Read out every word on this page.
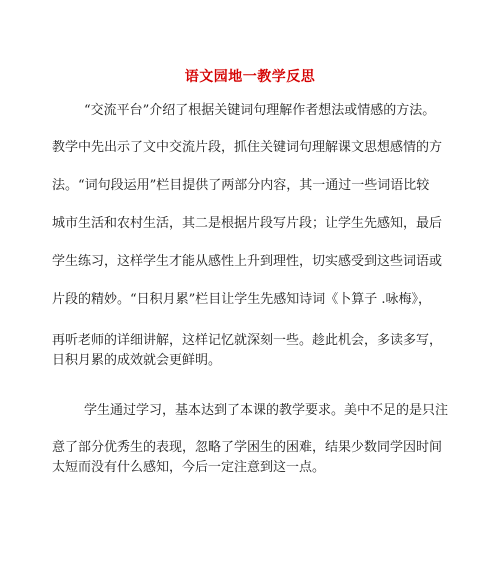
语文园地一教学反思
“交流平台”介绍了根据关键词句理解作者想法或情感的方法。
教学中先出示了文中交流片段，抓住关键词句理解课文思想感情的方
法。“词句段运用”栏目提供了两部分内容，其一通过一些词语比较
城市生活和农村生活，其二是根据片段写片段；让学生先感知，最后
学生练习，这样学生才能从感性上升到理性，切实感受到这些词语或
片段的精妙。“日积月累”栏目让学生先感知诗词《卜算子 .咏梅》，
再听老师的详细讲解，这样记忆就深刻一些。趁此机会，多读多写，
日积月累的成效就会更鲜明。
学生通过学习，基本达到了本课的教学要求。美中不足的是只注
意了部分优秀生的表现，忽略了学困生的困难，结果少数同学因时间
太短而没有什么感知，今后一定注意到这一点。
